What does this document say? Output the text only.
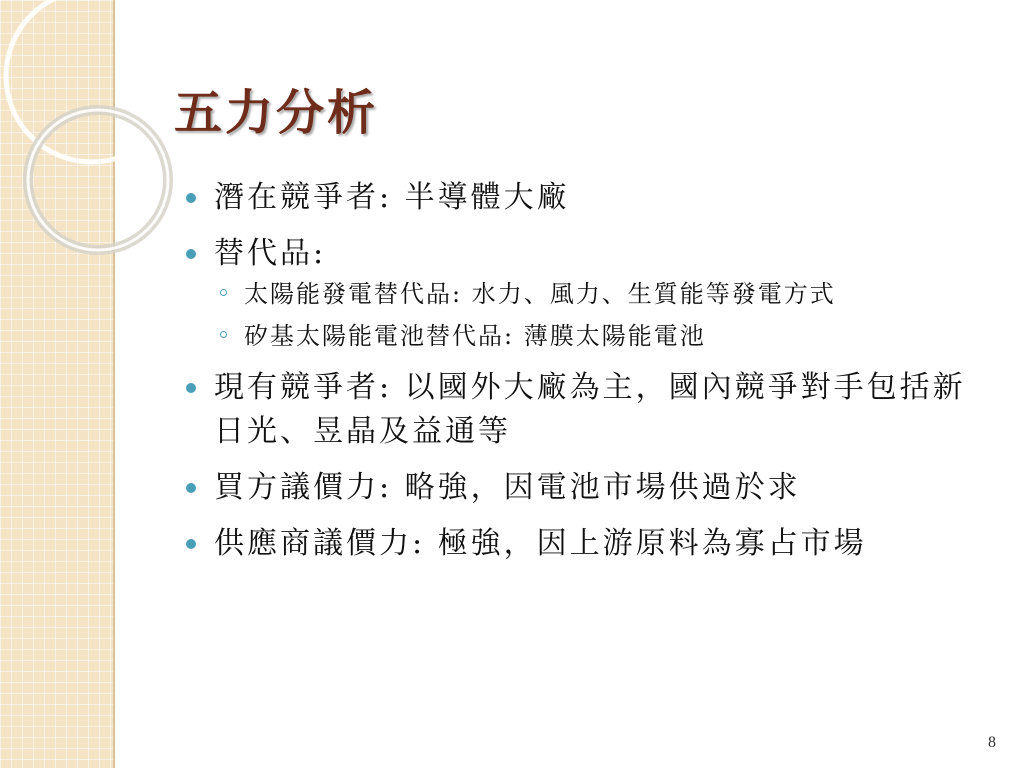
五力分析
潛在競爭者: 半導體大廠
替代品:
太陽能發電替代品: 水力、風力、生質能等發電方式
矽基太陽能電池替代品: 薄膜太陽能電池
現有競爭者: 以國外大廠為主，國內競爭對手包括新日光、昱晶及益通等
買方議價力: 略強，因電池市場供過於求
供應商議價力: 極強，因上游原料為寡占市場
8
